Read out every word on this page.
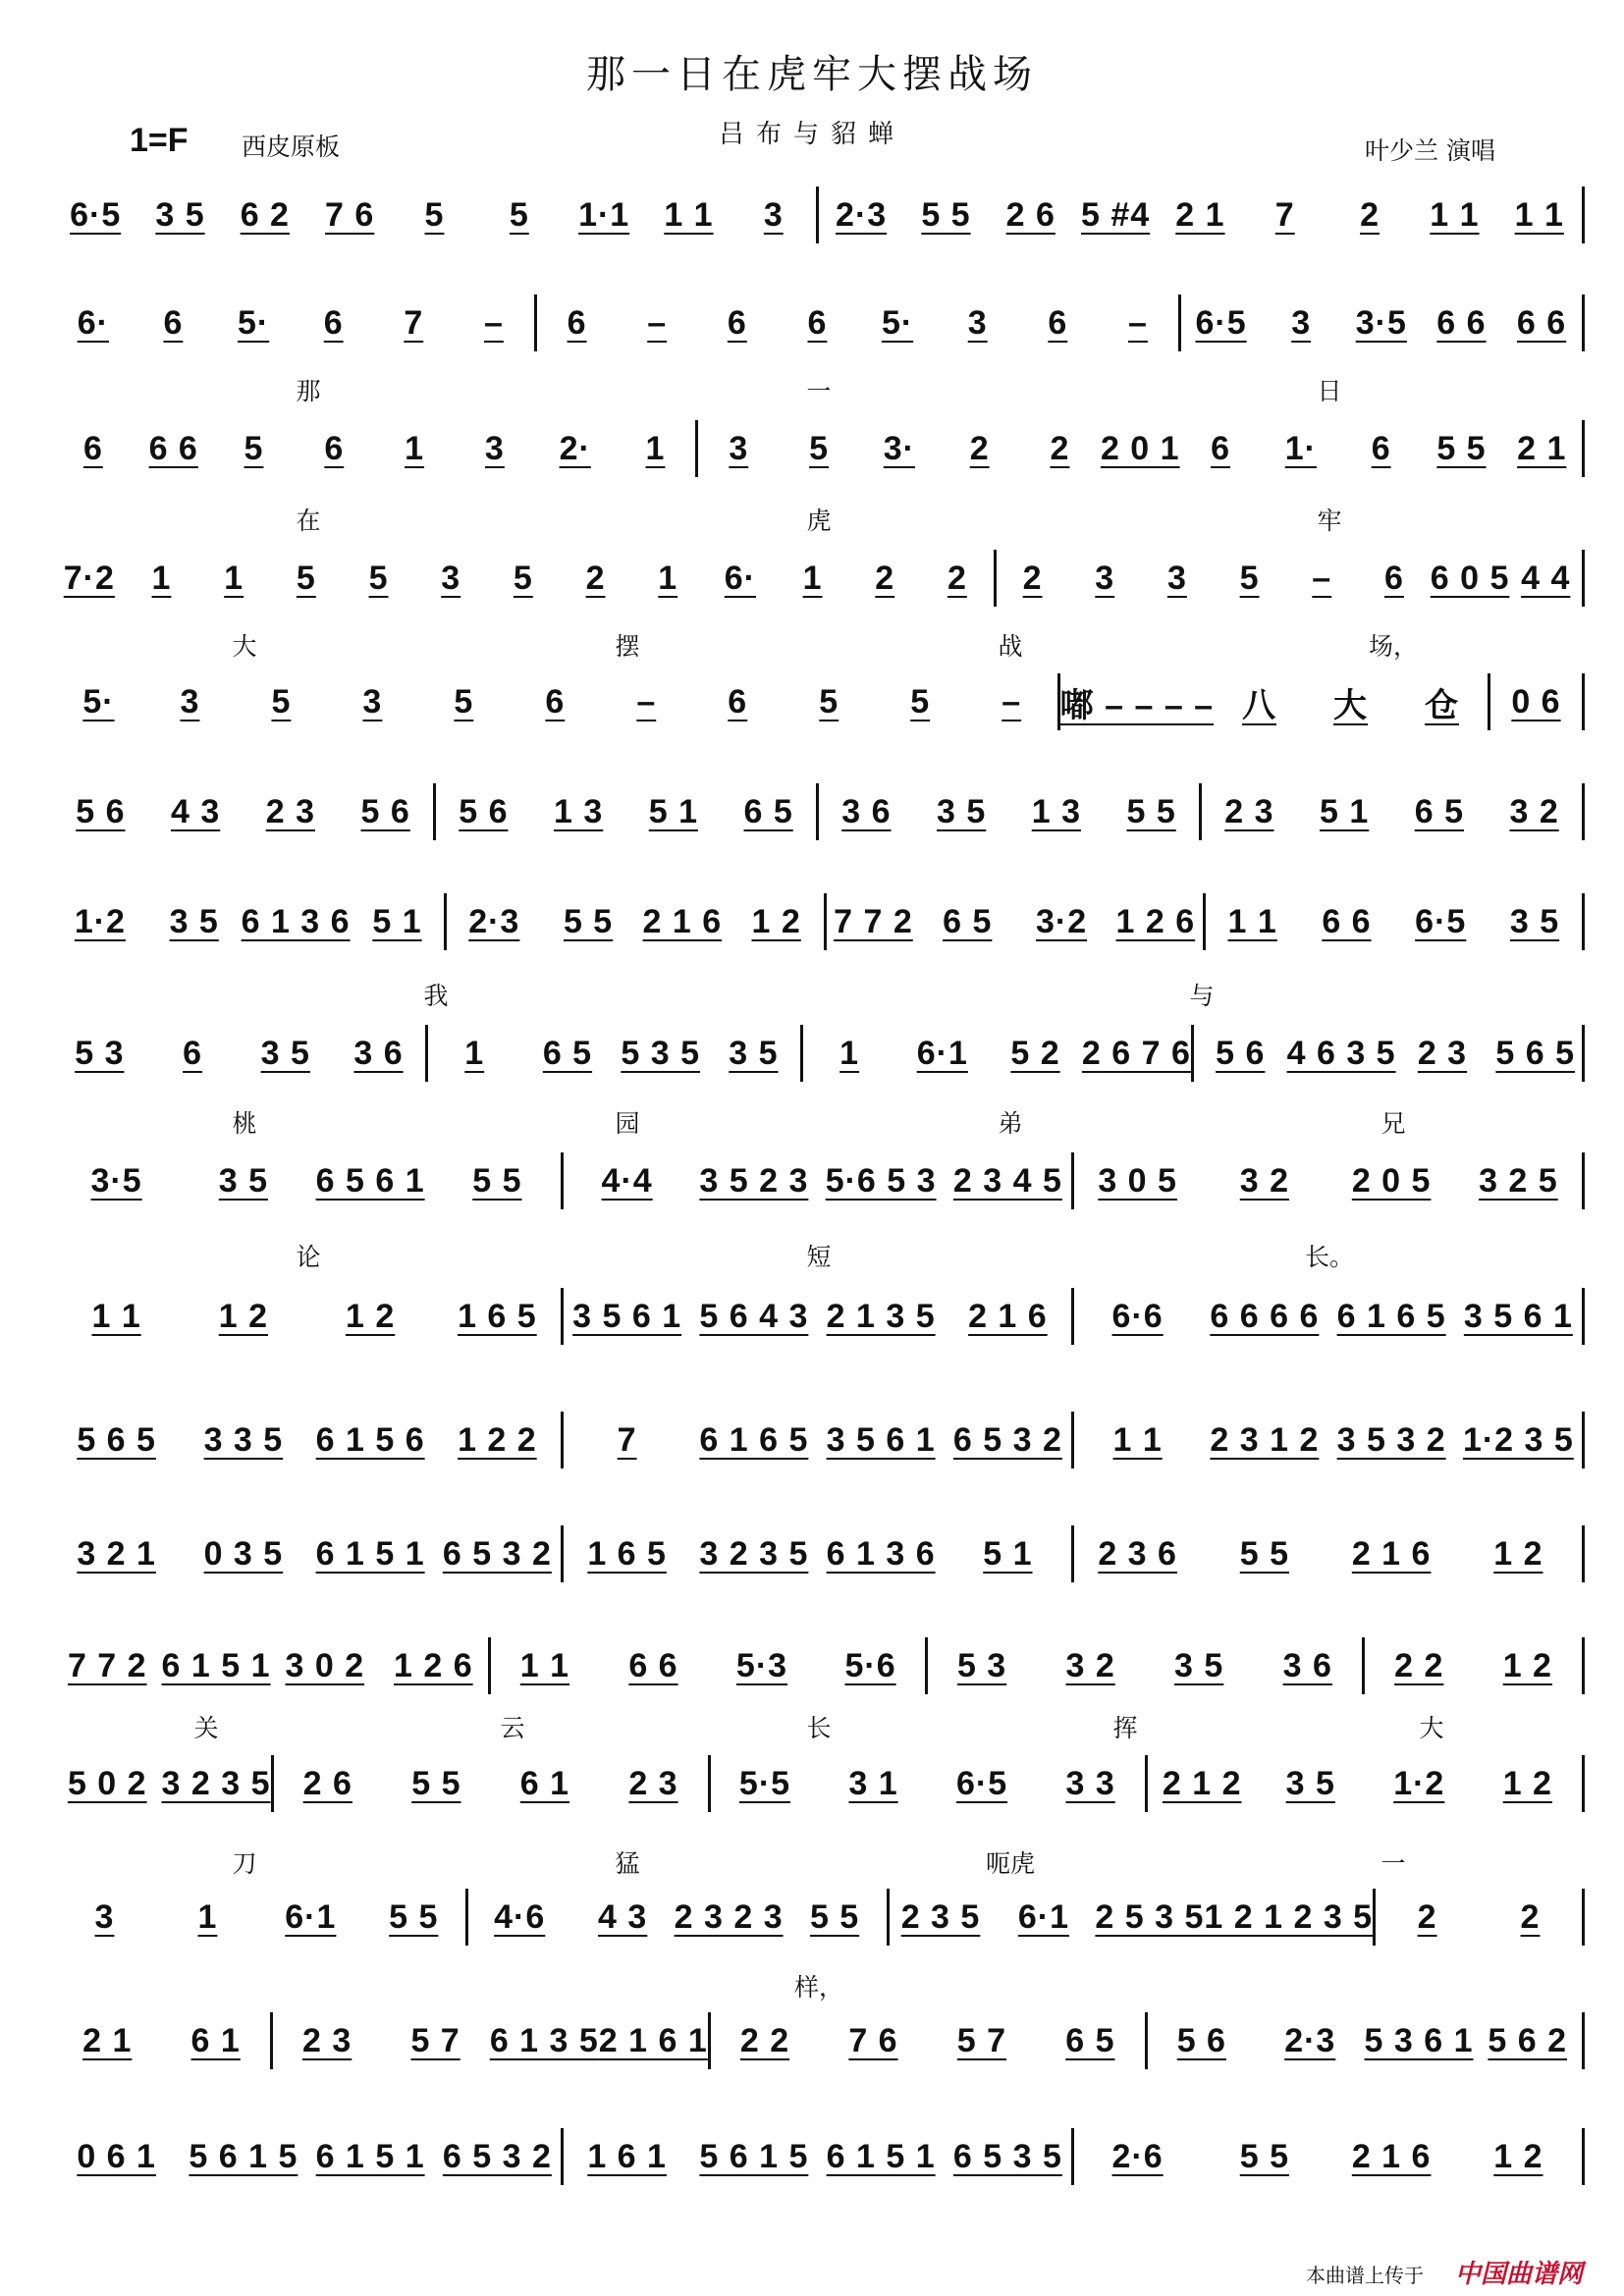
那一日在虎牢大摆战场
1=F 西皮原板	吕布与貂蝉
叶少兰 演唱
6·5	3 5	6 2	7 6	5	5	1·1	1 1	3	2·3	5 5	2 6 5 #4 2 1	7	2	1 1	1 1
6·	6	5·	6	7	–	6	–	6	6	5·	3	6	–	6·5	3	3·5 6 6 6 6
那	一	日
6	6 6	5	6	1	3	2·	1	3	5	3·	2	2 2 0 1 6	1·	6	5 5 2 1
在	虎	牢
7·2	1	1	5	5	3	5	2	1	6·	1	2	2	2	3	3	5	–	6 6 0 5 4 4
大	摆	战	场，
5·	3	5	3	5	6	–	6	5	5	–	嘟 – – – – 八	大	仓	0 6
5 6	4 3	2 3	5 6	5 6	1 3	5 1	6 5	3 6	3 5	1 3	5 5	2 3	5 1	6 5	3 2
1·2	3 5 6 1 3 6 5 1	2·3	5 5 2 1 6 1 2 7 7 2 6 5	3·2 1 2 6 1 1	6 6	6·5	3 5
我	与
5 3	6	3 5	3 6	1	6 5 5 3 5 3 5	1	6·1	5 2 2 6 7 6 5 6 4 6 3 5 2 3 5 6 5
桃	园	弟	兄
3·5	3 5	6 5 6 1	5 5	4·4	3 5 2 3 5·6 5 3 2 3 4 5	3 0 5	3 2	2 0 5	3 2 5
论	短	长。
1 1	1 2	1 2	1 6 5	3 5 6 1 5 6 4 3 2 1 3 5 2 1 6	6·6	6 6 6 6 6 1 6 5 3 5 6 1
5 6 5	3 3 5 6 1 5 6 1 2 2	7	6 1 6 5 3 5 6 1 6 5 3 2	1 1	2 3 1 2 3 5 3 2 1·2 3 5
3 2 1	0 3 5 6 1 5 1 6 5 3 2	1 6 5 3 2 3 5 6 1 3 6	5 1	2 3 6	5 5	2 1 6	1 2
7 7 2 6 1 5 1 3 0 2 1 2 6	1 1	6 6	5·3	5·6	5 3	3 2	3 5	3 6	2 2	1 2
关	云	长	挥	大
5 0 2 3 2 3 5 2 6	5 5	6 1	2 3	5·5	3 1	6·5	3 3	2 1 2	3 5	1·2	1 2
刀	猛	呃虎	一
3	1	6·1	5 5	4·6	4 3 2 3 2 3 5 5	2 3 5	6·1 2 5 3 5 1 2 1 2 3 5	2	2
样，
2 1	6 1	2 3	5 7 6 1 3 5 2 1 6 1 2 2	7 6	5 7	6 5	5 6	2·3 5 3 6 1 5 6 2
0 6 1 5 6 1 5 6 1 5 1 6 5 3 2	1 6 1 5 6 1 5 6 1 5 1 6 5 3 5	2·6	5 5	2 1 6	1 2
本曲谱上传于 中国曲谱网
